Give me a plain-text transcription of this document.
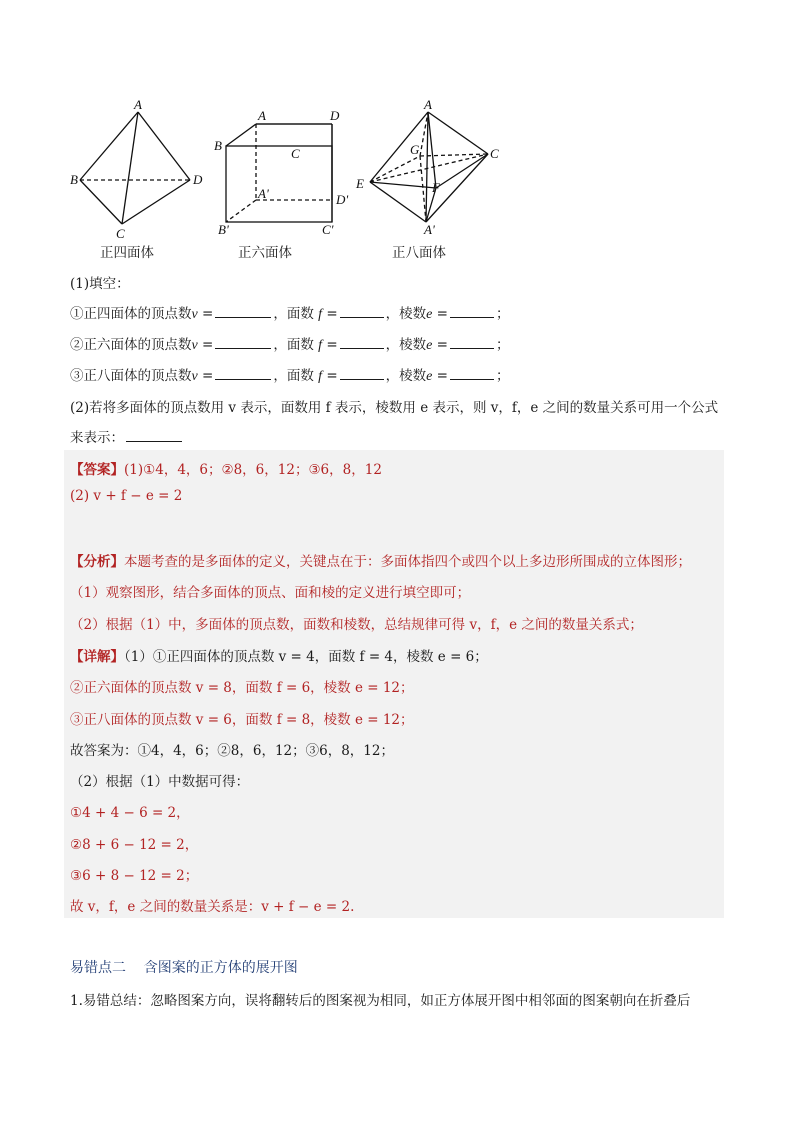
A
B
C
D
A	D
B
C
A'	D'
B'	C'
A
G	C
E	F
A'
正四面体	正六面体	正八面体
(1)填空：
①正四面体的顶点数v =	，面数 f =	，棱数e =	；
②正六面体的顶点数v =	，面数 f =	，棱数e =	；
③正八面体的顶点数v =	，面数 f =	，棱数e =	；
(2)若将多面体的顶点数用 v 表示，面数用 f 表示，棱数用 e 表示，则 v，f，e 之间的数量关系可用一个公式
来表示：
【答案】(1)①4，4，6；②8，6，12；③6，8，12
(2) v + f − e = 2
【分析】本题考查的是多面体的定义，关键点在于：多面体指四个或四个以上多边形所围成的立体图形；
（1）观察图形，结合多面体的顶点、面和棱的定义进行填空即可；
（2）根据（1）中，多面体的顶点数，面数和棱数，总结规律可得 v，f，e 之间的数量关系式；
【详解】（1）①正四面体的顶点数 v = 4，面数 f = 4，棱数 e = 6；
②正六面体的顶点数 v = 8，面数 f = 6，棱数 e = 12；
③正八面体的顶点数 v = 6，面数 f = 8，棱数 e = 12；
故答案为：①4，4，6；②8，6，12；③6，8，12；
（2）根据（1）中数据可得：
①4 + 4 − 6 = 2，
②8 + 6 − 12 = 2，
③6 + 8 − 12 = 2；
故 v，f，e 之间的数量关系是：v + f − e = 2.
易错点二    含图案的正方体的展开图
1.易错总结：忽略图案方向，误将翻转后的图案视为相同，如正方体展开图中相邻面的图案朝向在折叠后
